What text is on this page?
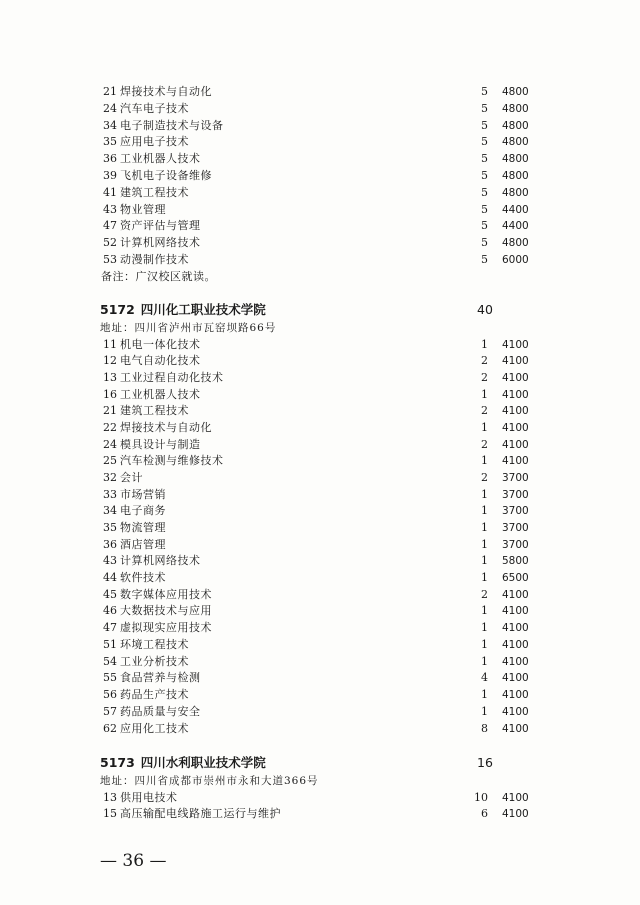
21 焊接技术与自动化	5 4800
24 汽车电子技术	5 4800
34 电子制造技术与设备	5 4800
35 应用电子技术	5 4800
36 工业机器人技术	5 4800
39 飞机电子设备维修	5 4800
41 建筑工程技术	5 4800
43 物业管理	5 4400
47 资产评估与管理	5 4400
52 计算机网络技术	5 4800
53 动漫制作技术	5 6000
备注：广汉校区就读。
5172 四川化工职业技术学院	40
地址：四川省泸州市瓦窑坝路66号
11 机电一体化技术	1 4100
12 电气自动化技术	2 4100
13 工业过程自动化技术	2 4100
16 工业机器人技术	1 4100
21 建筑工程技术	2 4100
22 焊接技术与自动化	1 4100
24 模具设计与制造	2 4100
25 汽车检测与维修技术	1 4100
32 会计	2 3700
33 市场营销	1 3700
34 电子商务	1 3700
35 物流管理	1 3700
36 酒店管理	1 3700
43 计算机网络技术	1 5800
44 软件技术	1 6500
45 数字媒体应用技术	2 4100
46 大数据技术与应用	1 4100
47 虚拟现实应用技术	1 4100
51 环境工程技术	1 4100
54 工业分析技术	1 4100
55 食品营养与检测	4 4100
56 药品生产技术	1 4100
57 药品质量与安全	1 4100
62 应用化工技术	8 4100
5173 四川水利职业技术学院	16
地址：四川省成都市崇州市永和大道366号
13 供用电技术	10 4100
15 高压输配电线路施工运行与维护	6 4100
— 36 —
